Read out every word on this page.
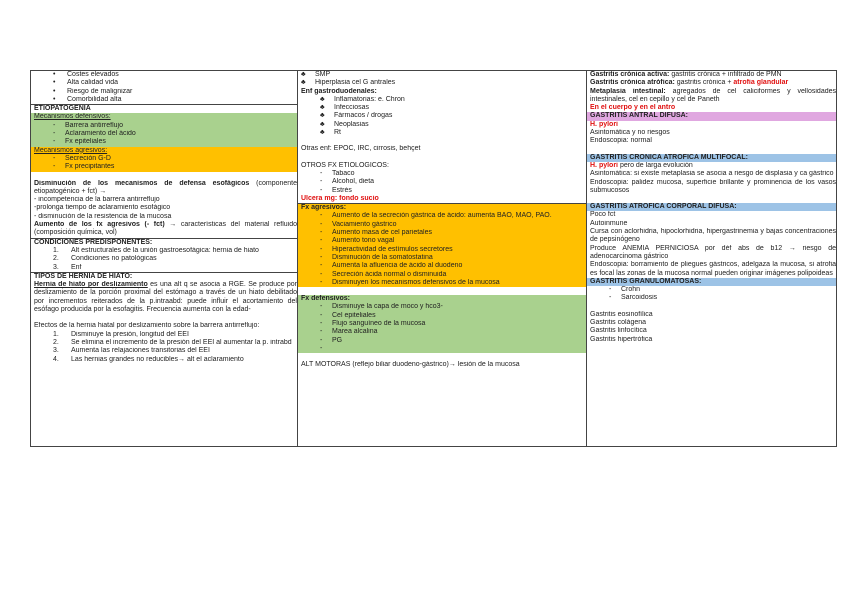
• Costes elevados
• Alta calidad vida
• Riesgo de malignizar
• Comorbilidad alta
ETIOPATOGENIA
Mecanismos defensivos:
- Barrera antirreflujo
- Aclaramiento del ácido
- Fx epiteliales
Mecanismos agresivos:
- Secreción G-D
- Fx precipitantes
Disminución de los mecanismos de defensa esofágicos (componente etiopatogénico + fct) →
- incompetencia de la barrera antirreflujo
-prolonga tiempo de aclaramiento esofágico
- disminución de la resistencia de la mucosa
Aumento de los fx agresivos (- fct) → características del material refluido (composición química, vol)
CONDICIONES PREDISPONENTES:
1. Alt estructurales de la unión gastroesofágica: hernia de hiato
2. Condiciones no patológicas
3. Enf
TIPOS DE HERNIA DE HIATO:
Hernia de hiato por deslizamiento es una alt q se asocia a RGE. Se produce por deslizamiento de la porción proximal del estómago a través de un hiato debilitado por incrementos reiterados de la p.intraabd: puede influir el acortamiento del esófago producida por la esofagitis. Frecuencia aumenta con la edad-
Efectos de la hernia hiatal por deslizamiento sobre la barrera antirreflujo:
1. Disminuye la presión, longitud del EEI
2. Se elimina el incremento de la presión del EEI al aumentar la p. intrabd
3. Aumenta las relajaciones transitorias del EEI
4. Las hernias grandes no reducibles→ alt el aclaramiento
♣ SMP
♣ Hiperplasia cel G antrales
Enf gastroduodenales:
♣ Inflamatorias: e. Chron
♣ Infecciosas
♣ Fármacos / drogas
♣ Neoplasias
♣ Rt
Otras enf: EPOC, IRC, cirrosis, behçet
OTROS FX ETIOLÓGICOS:
- Tabaco
- Alcohol, dieta
- Estrés
Úlcera mg: fondo sucio
Fx agresivos:
- Aumento de la secreción gástrica de ácido: aumenta BAO, MAO, PAO.
- Vaciamiento gástrico
- Aumento masa de cel parietales
- Aumento tono vagal
- Hiperactividad de estímulos secretores
- Disminución de la somatostatina
- Aumenta la afluencia de ácido al duodeno
- Secreción ácida normal o disminuida
- Disminuyen los mecanismos defensivos de la mucosa
Fx defensivos:
- Disminuye la capa de moco y hco3-
- Cel epiteliales
- Flujo sanguíneo de la mucosa
- Marea alcalina
- PG
-
ALT MOTORAS (reflejo biliar duodeno-gástrico)→ lesión de la mucosa
Gastritis crónica activa: gastritis crónica + infiltrado de PMN
Gastritis crónica atrófica: gastritis crónica + atrofia glandular
Metaplasia intestinal: agregados de cel caliciformes y vellosidades intestinales, cel en cepillo y cel de Paneth
En el cuerpo y en el antro
GASTRITIS ANTRAL DIFUSA:
H. pylori
Asintomática y no riesgos
Endoscopia: normal
GASTRITIS CRÓNICA ATRÓFICA MULTIFOCAL:
H. pylori pero de larga evolución
Asintomática: si existe metaplasia se asocia a riesgo de displasia y ca gástrico
Endoscopia: palidez mucosa, superficie brillante y prominencia de los vasos submucosos
GASTRITIS ATRÓFICA CORPORAL DIFUSA:
Poco fct
Autoinmune
Cursa con aclorhidria, hipoclorhidria, hipergastrinemia y bajas concentraciones de pepsinógeno
Produce ANEMIA PERNICIOSA por déf abs de b12 → riesgo de adenocarcinoma gástrico
Endoscopia: borramiento de pliegues gástricos, adelgaza la mucosa, si atrofia es focal las zonas de la mucosa normal pueden originar imágenes polipoideas
GASTRITIS GRANULOMATOSAS:
- Crohn
- Sarcoidosis
Gastritis eosinofílica
Gastritis colágena
Gastritis linfocítica
Gastritis hipertrófica
